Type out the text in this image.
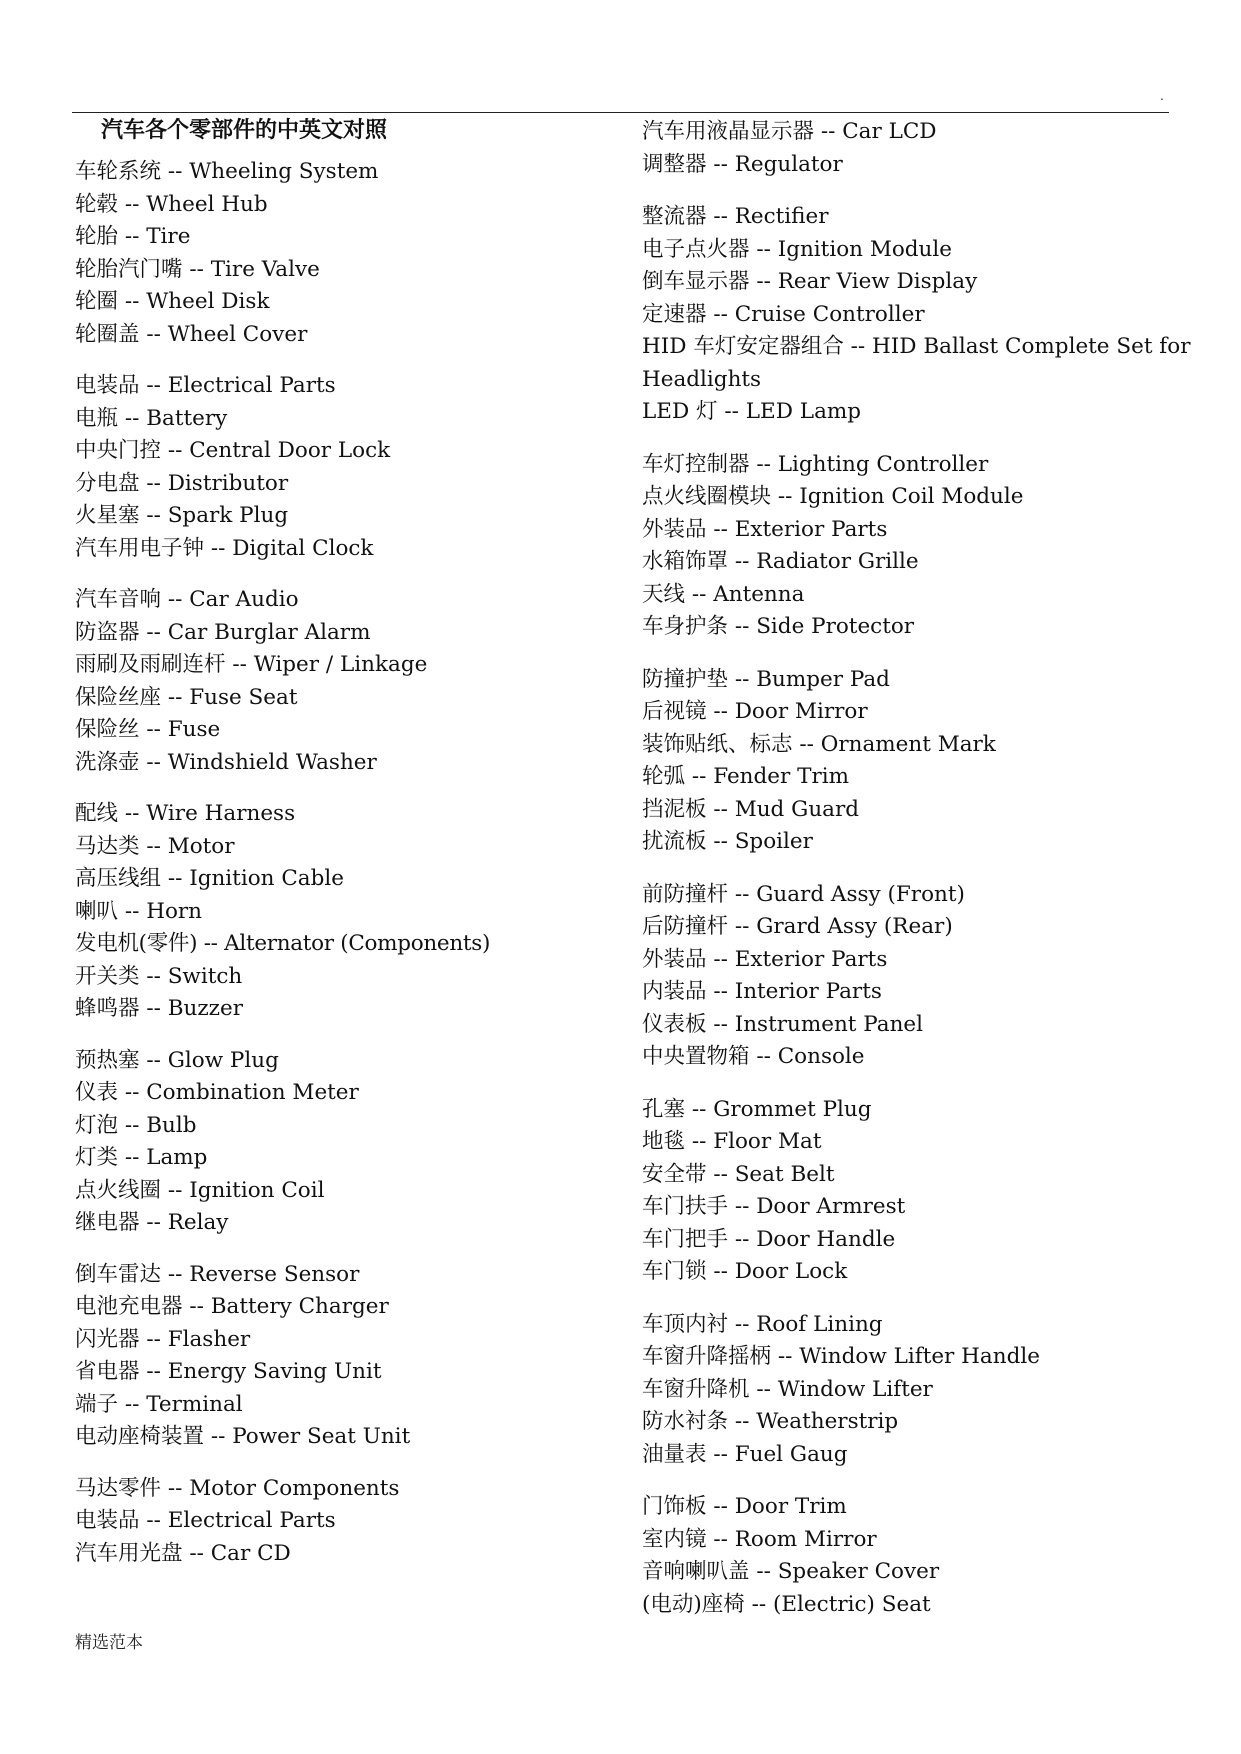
.
汽车各个零部件的中英文对照
车轮系统 -- Wheeling System
轮毂 -- Wheel Hub
轮胎 -- Tire
轮胎汽门嘴 -- Tire Valve
轮圈 -- Wheel Disk
轮圈盖 -- Wheel Cover
电装品 -- Electrical Parts
电瓶 -- Battery
中央门控 -- Central Door Lock
分电盘 -- Distributor
火星塞 -- Spark Plug
汽车用电子钟 -- Digital Clock
汽车音响 -- Car Audio
防盗器 -- Car Burglar Alarm
雨刷及雨刷连杆 -- Wiper / Linkage
保险丝座 -- Fuse Seat
保险丝 -- Fuse
洗涤壶 -- Windshield Washer
配线 -- Wire Harness
马达类 -- Motor
高压线组 -- Ignition Cable
喇叭 -- Horn
发电机(零件) -- Alternator (Components)
开关类 -- Switch
蜂鸣器 -- Buzzer
预热塞 -- Glow Plug
仪表 -- Combination Meter
灯泡 -- Bulb
灯类 -- Lamp
点火线圈 -- Ignition Coil
继电器 -- Relay
倒车雷达 -- Reverse Sensor
电池充电器 -- Battery Charger
闪光器 -- Flasher
省电器 -- Energy Saving Unit
端子 -- Terminal
电动座椅装置 -- Power Seat Unit
马达零件 -- Motor Components
电装品 -- Electrical Parts
汽车用光盘 -- Car CD
汽车用液晶显示器 -- Car LCD
调整器 -- Regulator
整流器 -- Rectifier
电子点火器 -- Ignition Module
倒车显示器 -- Rear View Display
定速器 -- Cruise Controller
HID 车灯安定器组合 -- HID Ballast Complete Set for Headlights
LED 灯 -- LED Lamp
车灯控制器 -- Lighting Controller
点火线圈模块 -- Ignition Coil Module
外装品 -- Exterior Parts
水箱饰罩 -- Radiator Grille
天线 -- Antenna
车身护条 -- Side Protector
防撞护垫 -- Bumper Pad
后视镜 -- Door Mirror
装饰贴纸、标志 -- Ornament Mark
轮弧 -- Fender Trim
挡泥板 -- Mud Guard
扰流板 -- Spoiler
前防撞杆 -- Guard Assy (Front)
后防撞杆 -- Grard Assy (Rear)
外装品 -- Exterior Parts
内装品 -- Interior Parts
仪表板 -- Instrument Panel
中央置物箱 -- Console
孔塞 -- Grommet Plug
地毯 -- Floor Mat
安全带 -- Seat Belt
车门扶手 -- Door Armrest
车门把手 -- Door Handle
车门锁 -- Door Lock
车顶内衬 -- Roof Lining
车窗升降摇柄 -- Window Lifter Handle
车窗升降机 -- Window Lifter
防水衬条 -- Weatherstrip
油量表 -- Fuel Gaug
门饰板 -- Door Trim
室内镜 -- Room Mirror
音响喇叭盖 -- Speaker Cover
(电动)座椅 -- (Electric) Seat
精选范本
